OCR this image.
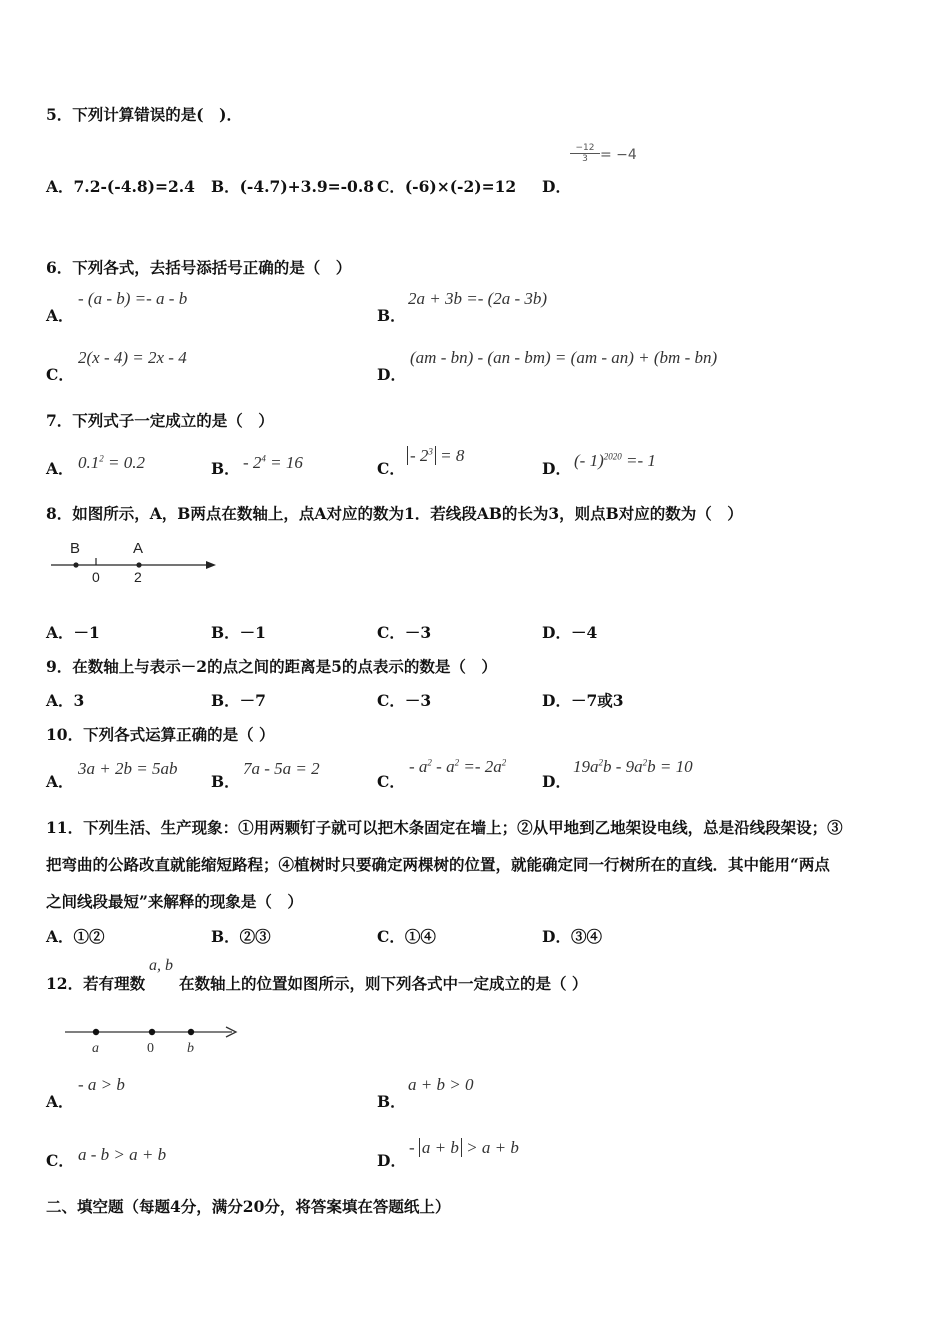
5．下列计算错误的是(　)．
A．7.2-(-4.8)=2.4 B．(-4.7)+3.9=-0.8 C．(-6)×(-2)=12 D．
$\frac{-12}{3} = -4$
6．下列各式，去括号添括号正确的是（　）
A．
- (a - b) =- a - b
B．
2a + 3b =- (2a - 3b)
C．
2(x - 4) = 2x - 4
D．
(am - bn) - (an - bm) = (am - an) + (bm - bn)
7．下列式子一定成立的是（　）
A． $0.1^2 = 0.2$	B． - $2^4 = 16$	C．
- $2^3 = 8$
D． (- 1)$^{2020}$ =- 1
8．如图所示，A，B两点在数轴上，点A对应的数为1．若线段AB的长为3，则点B对应的数为（　）
B	A
0 2
A．－1	B．－1	C．－3	D．－4
9．在数轴上与表示－2的点之间的距离是5的点表示的数是（　）
A．3	B．－7	C．－3	D．－7或3
10．下列各式运算正确的是（ ）
A．
3a + 2b = 5ab
B．
7a - 5a = 2
C．
- $a^2 - a^2 =- 2a^2$
D．
$19a^2b - 9a^2b = 10$
11．下列生活、生产现象：①用两颗钉子就可以把木条固定在墙上；②从甲地到乙地架设电线，总是沿线段架设；③
把弯曲的公路改直就能缩短路程；④植树时只要确定两棵树的位置，就能确定同一行树所在的直线．其中能用“两点
之间线段最短”来解释的现象是（　）
A．①②	B．②③	C．①④	D．③④
12．若有理数
a, b
在数轴上的位置如图所示，则下列各式中一定成立的是（ ）
a	0 b
A．
- a > b
B．
a + b > 0
C． a - b > a + b	D．
- a + b > a + b
二、填空题（每题4分，满分20分，将答案填在答题纸上）
